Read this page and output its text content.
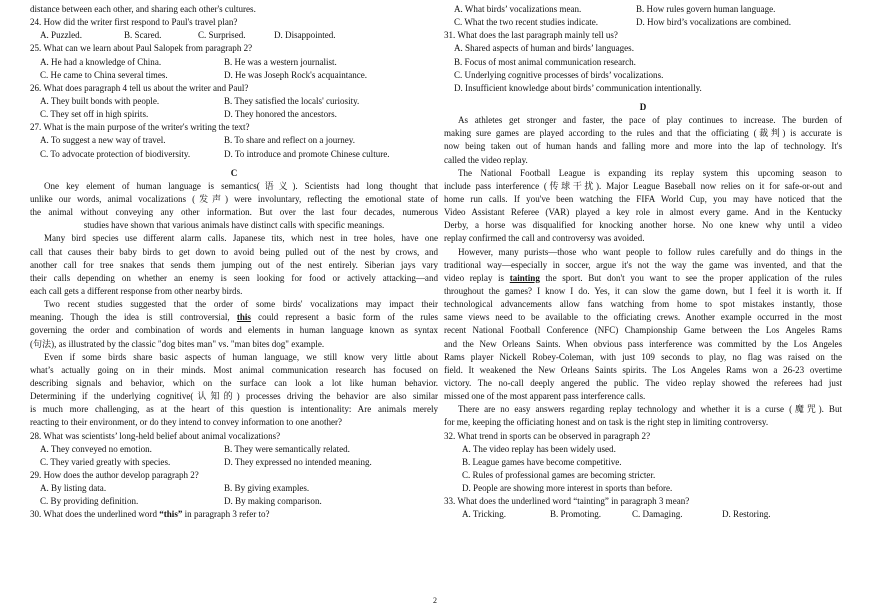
distance between each other, and sharing each other's cultures.
24. How did the writer first respond to Paul's travel plan?
A. Puzzled.	B. Scared.	C. Surprised.	D. Disappointed.
25. What can we learn about Paul Salopek from paragraph 2?
A. He had a knowledge of China.	B. He was a western journalist.
C. He came to China several times.	D. He was Joseph Rock's acquaintance.
26. What does paragraph 4 tell us about the writer and Paul?
A. They built bonds with people.	B. They satisfied the locals' curiosity.
C. They set off in high spirits.	D. They honored the ancestors.
27. What is the main purpose of the writer's writing the text?
A. To suggest a new way of travel.	B. To share and reflect on a journey.
C. To advocate protection of biodiversity.	D. To introduce and promote Chinese culture.
C
One key element of human language is semantics(语义). Scientists had long thought that
unlike our words, animal vocalizations (发声) were involuntary, reflecting the emotional state of
the animal without conveying any other information. But over the last four decades, numerous
studies have shown that various animals have distinct calls with specific meanings.
Many bird species use different alarm calls. Japanese tits, which nest in tree holes, have one
call that causes their baby birds to get down to avoid being pulled out of the nest by crows, and
another call for tree snakes that sends them jumping out of the nest entirely. Siberian jays vary
their calls depending on whether an enemy is seen looking for food or actively attacking—and
each call gets a different response from other nearby birds.
Two recent studies suggested that the order of some birds' vocalizations may impact their
meaning. Though the idea is still controversial, this could represent a basic form of the rules
governing the order and combination of words and elements in human language known as syntax
(句法), as illustrated by the classic "dog bites man" vs. "man bites dog" example.
Even if some birds share basic aspects of human language, we still know very little about
what’s actually going on in their minds. Most animal communication research has focused on
describing signals and behavior, which on the surface can look a lot like human behavior.
Determining if the underlying cognitive(认知的) processes driving the behavior are also similar
is much more challenging, as at the heart of this question is intentionality: Are animals merely
reacting to their environment, or do they intend to convey information to one another?
28. What was scientists’ long-held belief about animal vocalizations?
A. They conveyed no emotion.	B. They were semantically related.
C. They varied greatly with species.	D. They expressed no intended meaning.
29. How does the author develop paragraph 2?
A. By listing data.	B. By giving examples.
C. By providing definition.	D. By making comparison.
30. What does the underlined word “this” in paragraph 3 refer to?
A. What birds’ vocalizations mean.	B. How rules govern human language.
C. What the two recent studies indicate.	D. How bird’s vocalizations are combined.
31. What does the last paragraph mainly tell us?
A. Shared aspects of human and birds’ languages.
B. Focus of most animal communication research.
C. Underlying cognitive processes of birds’ vocalizations.
D. Insufficient knowledge about birds’ communication intentionally.
D
As athletes get stronger and faster, the pace of play continues to increase. The burden of
making sure games are played according to the rules and that the officiating (裁判) is accurate is
now being taken out of human hands and falling more and more into the lap of technology. It's
called the video replay.
The National Football League is expanding its replay system this upcoming season to
include pass interference (传球干扰). Major League Baseball now relies on it for safe-or-out and
home run calls. If you've been watching the FIFA World Cup, you may have noticed that the
Video Assistant Referee (VAR) played a key role in almost every game. And in the Kentucky
Derby, a horse was disqualified for knocking another horse. No one knew why until a video
replay confirmed the call and controversy was avoided.
However, many purists—those who want people to follow rules carefully and do things in the
traditional way—especially in soccer, argue it's not the way the game was invented, and that the
video replay is tainting the sport. But don't you want to see the proper application of the rules
throughout the games? I know I do. Yes, it can slow the game down, but I feel it is worth it. If
technological advancements allow fans watching from home to spot mistakes instantly, those
same views need to be available to the officiating crews. Another example occurred in the most
recent National Football Conference (NFC) Championship Game between the Los Angeles Rams
and the New Orleans Saints. When obvious pass interference was committed by the Los Angeles
Rams player Nickell Robey-Coleman, with just 109 seconds to play, no flag was raised on the
field. It weakened the New Orleans Saints spirits. The Los Angeles Rams won a 26-23 overtime
victory. The no-call deeply angered the public. The video replay showed the referees had just
missed one of the most apparent pass interference calls.
There are no easy answers regarding replay technology and whether it is a curse (魔咒). But
for me, keeping the officiating honest and on task is the right step in limiting controversy.
32. What trend in sports can be observed in paragraph 2?
A. The video replay has been widely used.
B. League games have become competitive.
C. Rules of professional games are becoming stricter.
D. People are showing more interest in sports than before.
33. What does the underlined word “tainting” in paragraph 3 mean?
A. Tricking.	B. Promoting.	C. Damaging.	D. Restoring.
2
